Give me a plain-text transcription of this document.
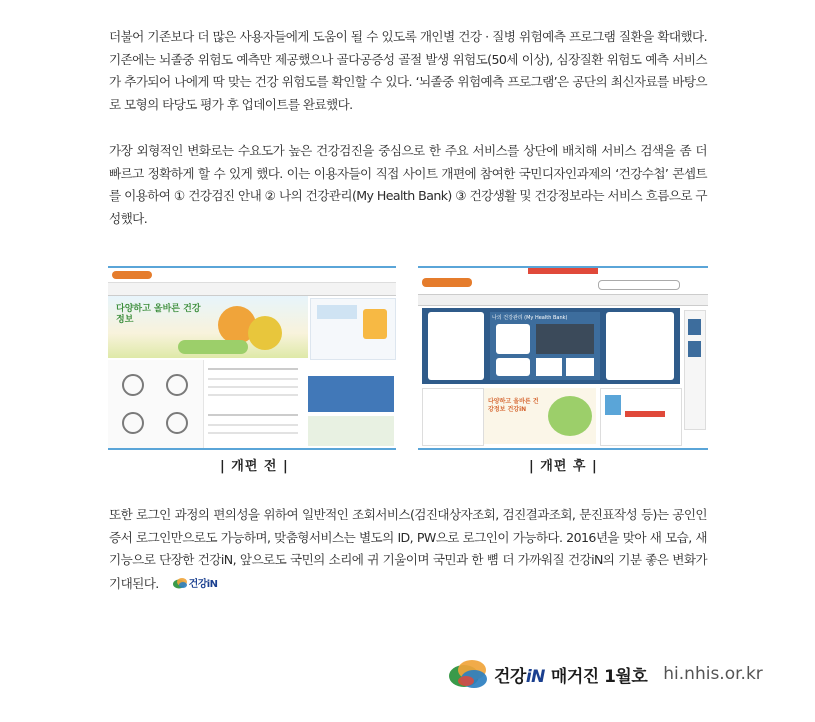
더불어 기존보다 더 많은 사용자들에게 도움이 될 수 있도록 개인별 건강 · 질병 위험예측 프로그램 질환을 확대했다. 기존에는 뇌졸중 위험도 예측만 제공했으나 골다공증성 골절 발생 위험도(50세 이상), 심장질환 위험도 예측 서비스가 추가되어 나에게 딱 맞는 건강 위험도를 확인할 수 있다. ‘뇌졸중 위험예측 프로그램’은 공단의 최신자료를 바탕으로 모형의 타당도 평가 후 업데이트를 완료했다.

가장 외형적인 변화로는 수요도가 높은 건강검진을 중심으로 한 주요 서비스를 상단에 배치해 서비스 검색을 좀 더 빠르고 정확하게 할 수 있게 했다. 이는 이용자들이 직접 사이트 개편에 참여한 국민디자인과제의 ‘건강수첩’ 콘셉트를 이용하여 ① 건강검진 안내 ② 나의 건강관리(My Health Bank) ③ 건강생활 및 건강정보라는 서비스 흐름으로 구성했다.

다양하고 올바른 건강정보	나의 건강관리 (My Health Bank)
다양하고 올바른 건강정보 건강iN
| 개편 전 |	| 개편 후 |

또한 로그인 과정의 편의성을 위하여 일반적인 조회서비스(검진대상자조회, 검진결과조회, 문진표작성 등)는 공인인증서 로그인만으로도 가능하며, 맞춤형서비스는 별도의 ID, PW으로 로그인이 가능하다. 2016년을 맞아 새 모습, 새 기능으로 단장한 건강iN, 앞으로도 국민의 소리에 귀 기울이며 국민과 한 뼘 더 가까워질 건강iN의 기분 좋은 변화가 기대된다.	건강iN

건강iN 매거진 1월호 hi.nhis.or.kr
